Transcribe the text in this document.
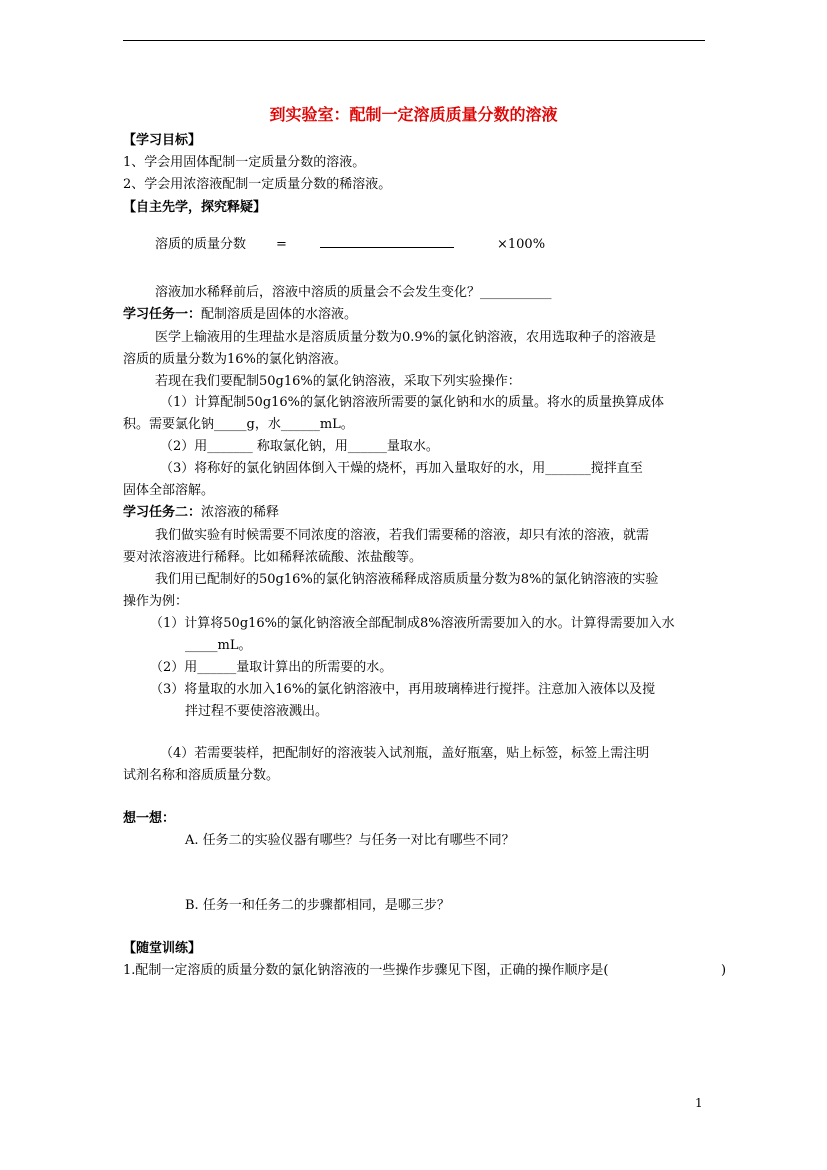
到实验室：配制一定溶质质量分数的溶液
【学习目标】
1、学会用固体配制一定质量分数的溶液。
2、学会用浓溶液配制一定质量分数的稀溶液。
【自主先学，探究释疑】
溶质的质量分数 =	×100%
溶液加水稀释前后，溶液中溶质的质量会不会发生变化？___________
学习任务一：配制溶质是固体的水溶液。
医学上输液用的生理盐水是溶质质量分数为0.9%的氯化钠溶液，农用选取种子的溶液是
溶质的质量分数为16%的氯化钠溶液。
若现在我们要配制50g16%的氯化钠溶液，采取下列实验操作：
（1）计算配制50g16%的氯化钠溶液所需要的氯化钠和水的质量。将水的质量换算成体
积。需要氯化钠_____g，水______mL。
（2）用_______ 称取氯化钠，用______量取水。
（3）将称好的氯化钠固体倒入干燥的烧杯，再加入量取好的水，用_______搅拌直至
固体全部溶解。
学习任务二：浓溶液的稀释
我们做实验有时候需要不同浓度的溶液，若我们需要稀的溶液，却只有浓的溶液，就需
要对浓溶液进行稀释。比如稀释浓硫酸、浓盐酸等。
我们用已配制好的50g16%的氯化钠溶液稀释成溶质质量分数为8%的氯化钠溶液的实验
操作为例：
（1）计算将50g16%的氯化钠溶液全部配制成8%溶液所需要加入的水。计算得需要加入水
_____mL。
（2）用______量取计算出的所需要的水。
（3）将量取的水加入16%的氯化钠溶液中，再用玻璃棒进行搅拌。注意加入液体以及搅
拌过程不要使溶液溅出。
（4）若需要装样，把配制好的溶液装入试剂瓶，盖好瓶塞，贴上标签，标签上需注明
试剂名称和溶质质量分数。
想一想：
A. 任务二的实验仪器有哪些？与任务一对比有哪些不同？
B. 任务一和任务二的步骤都相同，是哪三步？
【随堂训练】
1.配制一定溶质的质量分数的氯化钠溶液的一些操作步骤见下图，正确的操作顺序是(	)
1
